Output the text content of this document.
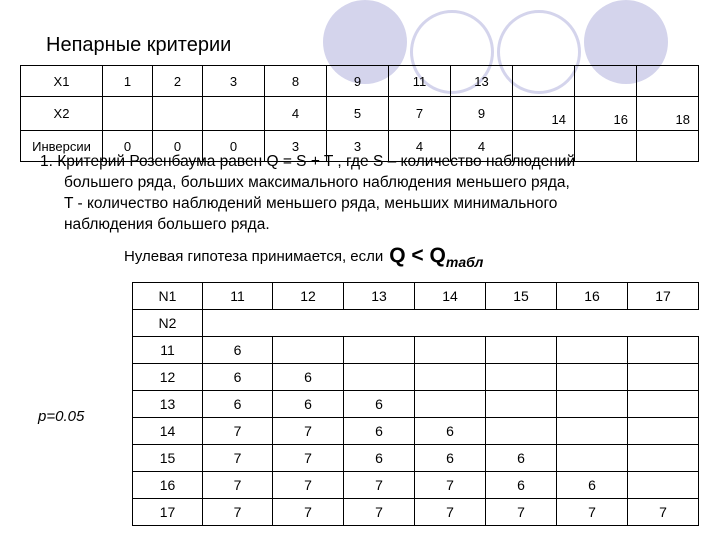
Непарные критерии
X1	1	2	3	8	9	11	13			
X2				4	5	7	9	14	16	18
Инверсии	0	0	0	3	3	4	4			
1. Критерий Розенбаума равен Q = S + T , где S – количество наблюдений
большего ряда, больших максимального наблюдения меньшего ряда,
T - количество наблюдений меньшего ряда, меньших минимального
наблюдения большего ряда.
Нулевая гипотеза принимается, если Q < Qтабл
p=0.05
N1	11	12	13	14	15	16	17
N2							
11	6						
12	6	6					
13	6	6	6				
14	7	7	6	6			
15	7	7	6	6	6		
16	7	7	7	7	6	6	
17	7	7	7	7	7	7	7
